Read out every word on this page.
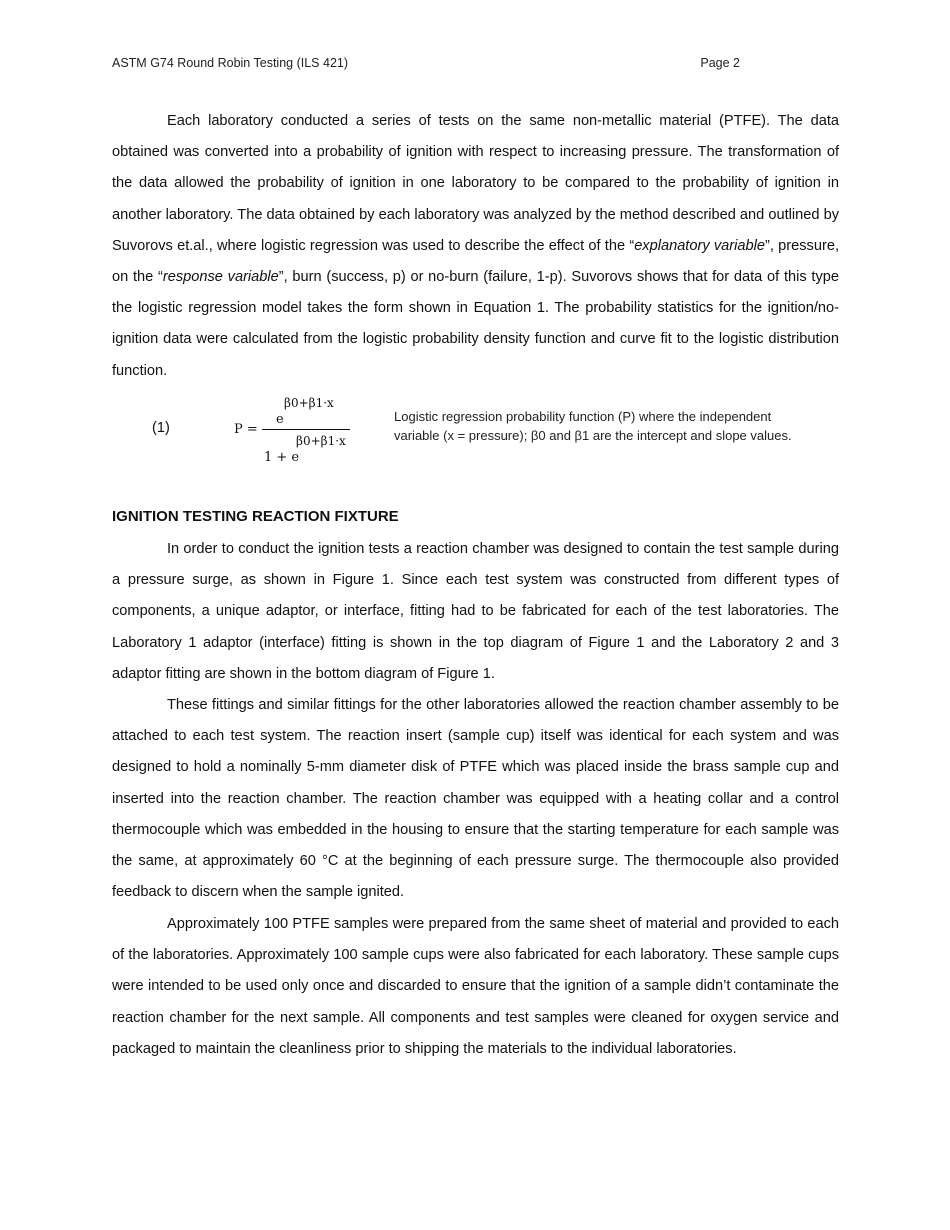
ASTM G74 Round Robin Testing (ILS 421)	Page 2

Each laboratory conducted a series of tests on the same non-metallic material (PTFE). The data obtained was converted into a probability of ignition with respect to increasing pressure. The transformation of the data allowed the probability of ignition in one laboratory to be compared to the probability of ignition in another laboratory. The data obtained by each laboratory was analyzed by the method described and outlined by Suvorovs et.al., where logistic regression was used to describe the effect of the “explanatory variable”, pressure, on the “response variable”, burn (success, p) or no-burn (failure, 1-p). Suvorovs shows that for data of this type the logistic regression model takes the form shown in Equation 1. The probability statistics for the ignition/no-ignition data were calculated from the logistic probability density function and curve fit to the logistic distribution function.

(1)	P =
β0+β1·x
e
β0+β1·x
1 + e
Logistic regression probability function (P) where the independent variable (x = pressure); β0 and β1 are the intercept and slope values.
IGNITION TESTING REACTION FIXTURE

In order to conduct the ignition tests a reaction chamber was designed to contain the test sample during a pressure surge, as shown in Figure 1. Since each test system was constructed from different types of components, a unique adaptor, or interface, fitting had to be fabricated for each of the test laboratories. The Laboratory 1 adaptor (interface) fitting is shown in the top diagram of Figure 1 and the Laboratory 2 and 3 adaptor fitting are shown in the bottom diagram of Figure 1.

These fittings and similar fittings for the other laboratories allowed the reaction chamber assembly to be attached to each test system. The reaction insert (sample cup) itself was identical for each system and was designed to hold a nominally 5-mm diameter disk of PTFE which was placed inside the brass sample cup and inserted into the reaction chamber. The reaction chamber was equipped with a heating collar and a control thermocouple which was embedded in the housing to ensure that the starting temperature for each sample was the same, at approximately 60 °C at the beginning of each pressure surge. The thermocouple also provided feedback to discern when the sample ignited.

Approximately 100 PTFE samples were prepared from the same sheet of material and provided to each of the laboratories. Approximately 100 sample cups were also fabricated for each laboratory. These sample cups were intended to be used only once and discarded to ensure that the ignition of a sample didn’t contaminate the reaction chamber for the next sample. All components and test samples were cleaned for oxygen service and packaged to maintain the cleanliness prior to shipping the materials to the individual laboratories.
